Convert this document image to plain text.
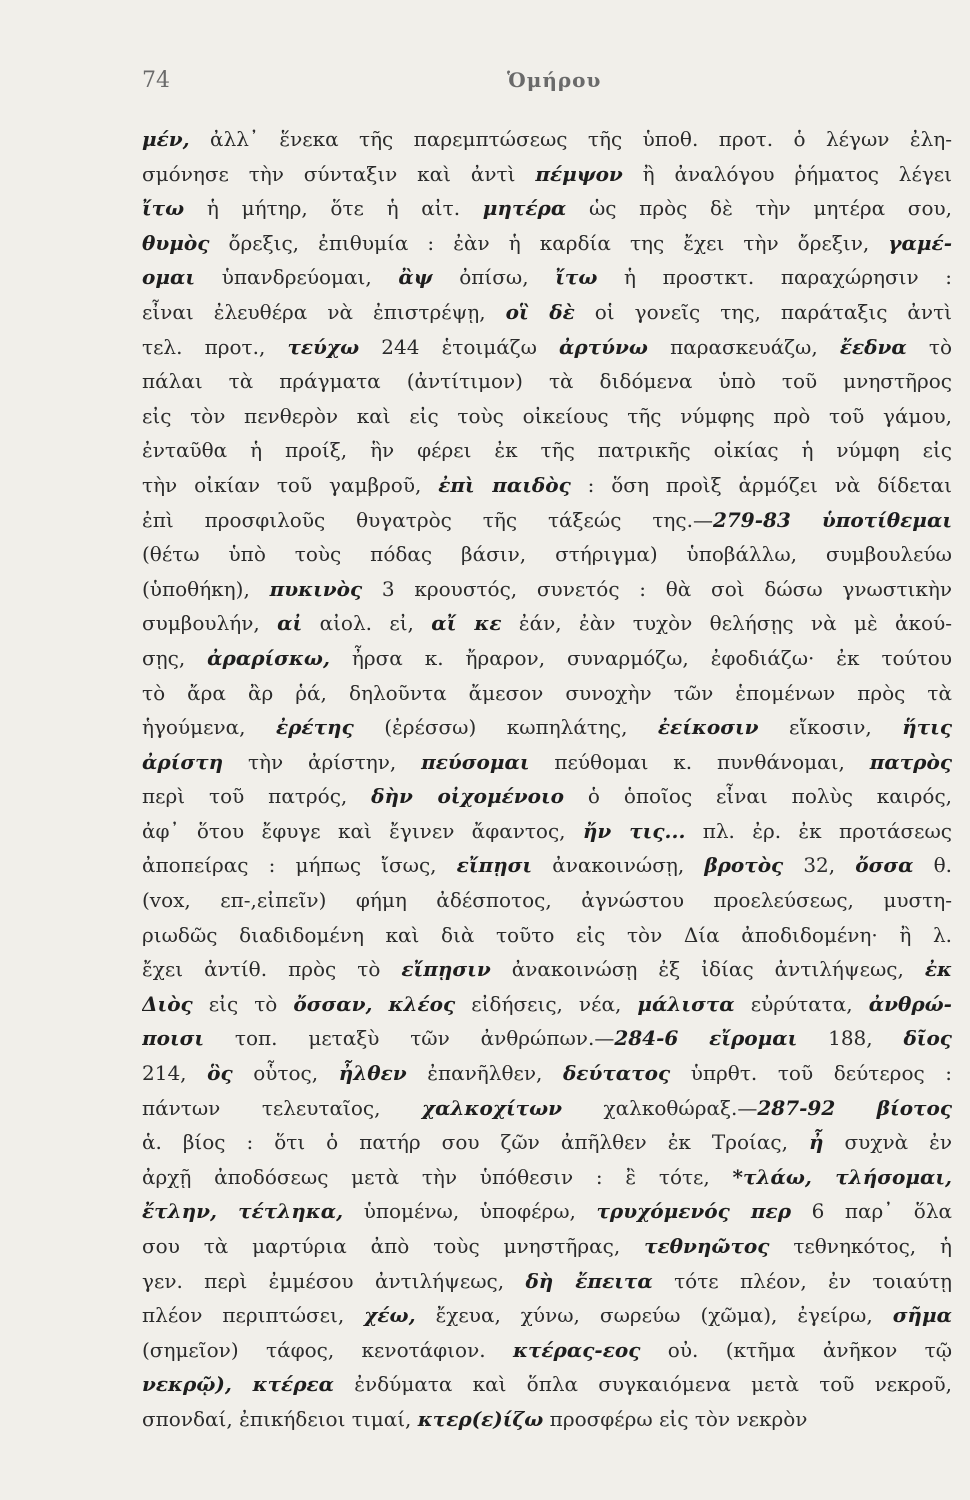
74	Ὁμήρου
μέν, ἀλλ᾿ ἕνεκα τῆς παρεμπτώσεως τῆς ὑποθ. προτ. ὁ λέγων ἐλη-
σμόνησε τὴν σύνταξιν καὶ ἀντὶ πέμψον ἢ ἀναλόγου ῥήματος λέγει
ἴτω ἡ μήτηρ, ὅτε ἡ αἰτ. μητέρα ὡς πρὸς δὲ τὴν μητέρα σου,
θυμὸς ὄρεξις, ἐπιθυμία : ἐὰν ἡ καρδία της ἔχει τὴν ὄρεξιν, γαμέ-
ομαι ὑπανδρεύομαι, ἂψ ὀπίσω, ἴτω ἡ προστκτ. παραχώρησιν :
εἶναι ἐλευθέρα νὰ ἐπιστρέψῃ, οἳ δὲ οἱ γονεῖς της, παράταξις ἀντὶ
τελ. προτ., τεύχω 244 ἑτοιμάζω ἀρτύνω παρασκευάζω, ἔεδνα τὸ
πάλαι τὰ πράγματα (ἀντίτιμον) τὰ διδόμενα ὑπὸ τοῦ μνηστῆρος
εἰς τὸν πενθερὸν καὶ εἰς τοὺς οἰκείους τῆς νύμφης πρὸ τοῦ γάμου,
ἐνταῦθα ἡ προίξ, ἣν φέρει ἐκ τῆς πατρικῆς οἰκίας ἡ νύμφη εἰς
τὴν οἰκίαν τοῦ γαμβροῦ, ἐπὶ παιδὸς : ὅση προὶξ ἁρμόζει νὰ δίδεται
ἐπὶ προσφιλοῦς θυγατρὸς τῆς τάξεώς της.—279-83 ὑποτίθεμαι
(θέτω ὑπὸ τοὺς πόδας βάσιν, στήριγμα) ὑποβάλλω, συμβουλεύω
(ὑποθήκη), πυκινὸς 3 κρουστός, συνετός : θὰ σοὶ δώσω γνωστικὴν
συμβουλήν, αἰ αἰολ. εἰ, αἴ κε ἐάν, ἐὰν τυχὸν θελήσῃς νὰ μὲ ἀκού-
σῃς, ἀραρίσκω, ἦρσα κ. ἤραρον, συναρμόζω, ἐφοδιάζω· ἐκ τούτου
τὸ ἄρα ἂρ ῥά, δηλοῦντα ἄμεσον συνοχὴν τῶν ἑπομένων πρὸς τὰ
ἡγούμενα, ἐρέτης (ἐρέσσω) κωπηλάτης, ἐείκοσιν εἴκοσιν, ἥτις
ἀρίστη τὴν ἀρίστην, πεύσομαι πεύθομαι κ. πυνθάνομαι, πατρὸς
περὶ τοῦ πατρός, δὴν οἰχομένοιο ὁ ὁποῖος εἶναι πολὺς καιρός,
ἀφ᾿ ὅτου ἔφυγε καὶ ἔγινεν ἄφαντος, ἤν τις... πλ. ἐρ. ἐκ προτάσεως
ἀποπείρας : μήπως ἴσως, εἴπῃσι ἀνακοινώσῃ, βροτὸς 32, ὄσσα θ.
(vox, επ-,εἰπεῖν) φήμη ἀδέσποτος, ἀγνώστου προελεύσεως, μυστη-
ριωδῶς διαδιδομένη καὶ διὰ τοῦτο εἰς τὸν Δία ἀποδιδομένη· ἢ λ.
ἔχει ἀντίθ. πρὸς τὸ εἴπῃσιν ἀνακοινώσῃ ἐξ ἰδίας ἀντιλήψεως, ἐκ
Διὸς εἰς τὸ ὄσσαν, κλέος εἰδήσεις, νέα, μάλιστα εὐρύτατα, ἀνθρώ-
ποισι τοπ. μεταξὺ τῶν ἀνθρώπων.—284-6 εἴρομαι 188, δῖος
214, ὃς οὗτος, ἦλθεν ἐπανῆλθεν, δεύτατος ὑπρθτ. τοῦ δεύτερος :
πάντων τελευταῖος, χαλκοχίτων χαλκοθώραξ.—287-92 βίοτος
ἁ. βίος : ὅτι ὁ πατήρ σου ζῶν ἀπῆλθεν ἐκ Τροίας, ἦ συχνὰ ἐν
ἀρχῇ ἀποδόσεως μετὰ τὴν ὑπόθεσιν : ἒ τότε, *τλάω, τλήσομαι,
ἔτλην, τέτληκα, ὑπομένω, ὑποφέρω, τρυχόμενός περ 6 παρ᾿ ὅλα
σου τὰ μαρτύρια ἀπὸ τοὺς μνηστῆρας, τεθνηῶτος τεθνηκότος, ἡ
γεν. περὶ ἐμμέσου ἀντιλήψεως, δὴ ἔπειτα τότε πλέον, ἐν τοιαύτῃ
πλέον περιπτώσει, χέω, ἔχευα, χύνω, σωρεύω (χῶμα), ἐγείρω, σῆμα
(σημεῖον) τάφος, κενοτάφιον. κτέρας-εος οὐ. (κτῆμα ἀνῆκον τῷ
νεκρῷ), κτέρεα ἐνδύματα καὶ ὅπλα συγκαιόμενα μετὰ τοῦ νεκροῦ,
σπονδαί, ἐπικήδειοι τιμαί, κτερ(ε)ίζω προσφέρω εἰς τὸν νεκρὸν
